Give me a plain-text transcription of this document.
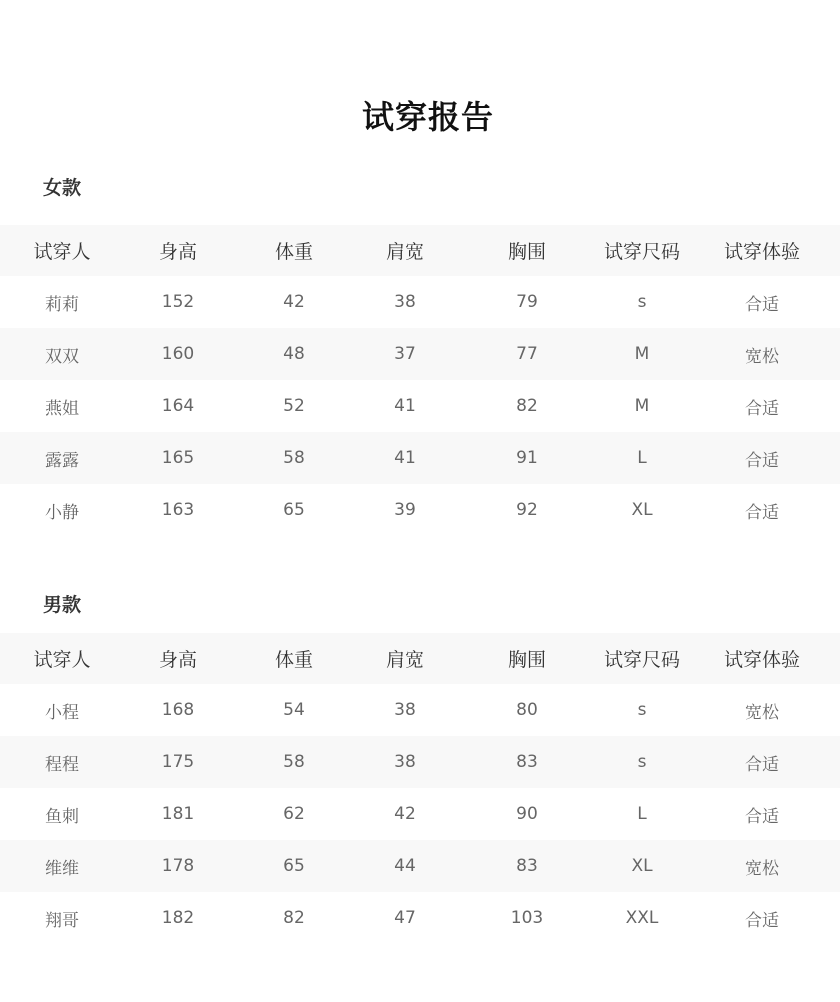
试穿报告
女款
试穿人	身高	体重	肩宽	胸围	试穿尺码	试穿体验
莉莉	152	42	38	79	s	合适
双双	160	48	37	77	M	宽松
燕姐	164	52	41	82	M	合适
露露	165	58	41	91	L	合适
小静	163	65	39	92	XL	合适
男款
试穿人	身高	体重	肩宽	胸围	试穿尺码	试穿体验
小程	168	54	38	80	s	宽松
程程	175	58	38	83	s	合适
鱼刺	181	62	42	90	L	合适
维维	178	65	44	83	XL	宽松
翔哥	182	82	47	103	XXL	合适
